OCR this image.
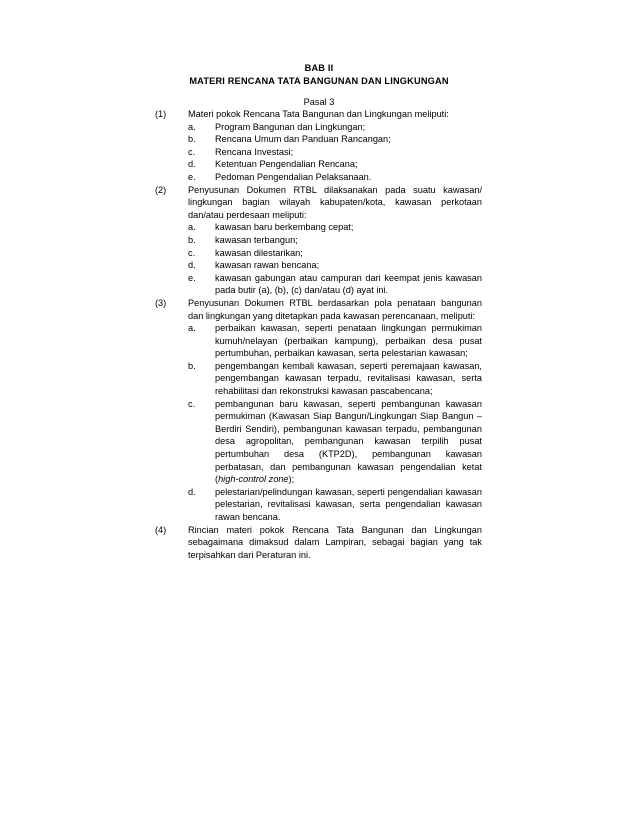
BAB II
MATERI RENCANA TATA BANGUNAN DAN LINGKUNGAN
Pasal 3
(1)	Materi pokok Rencana Tata Bangunan dan Lingkungan meliputi:
a.	Program Bangunan dan Lingkungan;
b.	Rencana Umum dan Panduan Rancangan;
c.	Rencana Investasi;
d.	Ketentuan Pengendalian Rencana;
e.	Pedoman Pengendalian Pelaksanaan.
(2)	Penyusunan Dokumen RTBL dilaksanakan pada suatu kawasan/ lingkungan bagian wilayah kabupaten/kota, kawasan perkotaan dan/atau perdesaan meliputi:
a.	kawasan baru berkembang cepat;
b.	kawasan terbangun;
c.	kawasan dilestarikan;
d.	kawasan rawan bencana;
e.	kawasan gabungan atau campuran dari keempat jenis kawasan pada butir (a), (b), (c) dan/atau (d) ayat ini.
(3)	Penyusunan Dokumen RTBL berdasarkan pola penataan bangunan dan lingkungan yang ditetapkan pada kawasan perencanaan, meliputi:
a.	perbaikan kawasan, seperti penataan lingkungan permukiman kumuh/nelayan (perbaikan kampung), perbaikan desa pusat pertumbuhan, perbaikan kawasan, serta pelestarian kawasan;
b.	pengembangan kembali kawasan, seperti peremajaan kawasan, pengembangan kawasan terpadu, revitalisasi kawasan, serta rehabilitasi dan rekonstruksi kawasan pascabencana;
c.	pembangunan baru kawasan, seperti pembangunan kawasan permukiman (Kawasan Siap Bangun/Lingkungan Siap Bangun – Berdiri Sendiri), pembangunan kawasan terpadu, pembangunan desa agropolitan, pembangunan kawasan terpilih pusat pertumbuhan desa (KTP2D), pembangunan kawasan perbatasan, dan pembangunan kawasan pengendalian ketat (high-control zone);
d.	pelestarian/pelindungan kawasan, seperti pengendalian kawasan pelestarian, revitalisasi kawasan, serta pengendalian kawasan rawan bencana.
(4)	Rincian materi pokok Rencana Tata Bangunan dan Lingkungan sebagaimana dimaksud dalam Lampiran, sebagai bagian yang tak terpisahkan dari Peraturan ini.
